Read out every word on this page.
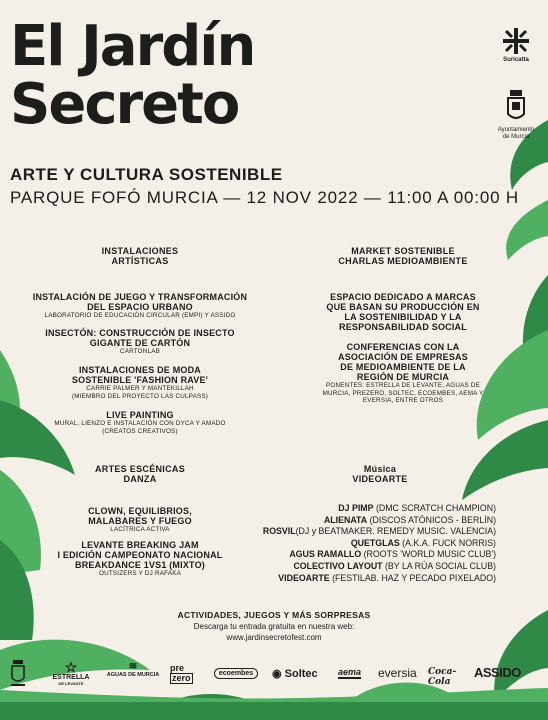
El Jardín
Secreto
ARTE Y CULTURA SOSTENIBLE
PARQUE FOFÓ MURCIA — 12 NOV 2022 — 11:00 A 00:00 H
Suricatta
Ayuntamiento
de Murcia
INSTALACIONES
ARTÍSTICAS
INSTALACIÓN DE JUEGO Y TRANSFORMACIÓN
DEL ESPACIO URBANO
LABORATORIO DE EDUCACIÓN CIRCULAR (EMPI) Y ASSIDO
INSECTÓN: CONSTRUCCIÓN DE INSECTO
GIGANTE DE CARTÓN
CARTONLAB
INSTALACIONES DE MODA
SOSTENIBLE 'FASHION RAVE'
CARRIE PALMER Y MANTEKILLAH
(MIEMBRO DEL PROYECTO LAS CULPASS)
LIVE PAINTING
MURAL, LIENZO E INSTALACIÓN CON DYCA Y AMADO
(CREATOS CREATIVOS)
MARKET SOSTENIBLE
CHARLAS MEDIOAMBIENTE
ESPACIO DEDICADO A MARCAS
QUE BASAN SU PRODUCCIÓN EN
LA SOSTENIBILIDAD Y LA
RESPONSABILIDAD SOCIAL
CONFERENCIAS CON LA
ASOCIACIÓN DE EMPRESAS
DE MEDIOAMBIENTE DE LA
REGIÓN DE MURCIA
PONENTES: ESTRELLA DE LEVANTE, AGUAS DE
MURCIA, PREZERO, SOLTEC, ECOEMBES, AEMA Y
EVERSIA, ENTRE OTROS
ARTES ESCÉNICAS
DANZA
CLOWN, EQUILIBRIOS,
MALABARES Y FUEGO
LACÍTRICA ACTIVA
LEVANTE BREAKING JAM
I EDICIÓN CAMPEONATO NACIONAL
BREAKDANCE 1VS1 (MIXTO)
OUTSIZERS Y DJ RAFAKA
Música
VIDEOARTE
DJ PIMP (DMC SCRATCH CHAMPION)
ALIENATA (DISCOS ATÓNICOS - BERLÍN)
ROSVIL(DJ y BEATMAKER. REMEDY MUSIC. VALENCIA)
QUETGLAS (A.K.A. FUCK NORRIS)
AGUS RAMALLO (ROOTS 'WORLD MUSIC CLUB')
COLECTIVO LAYOUT (BY LA RÚA SOCIAL CLUB)
VIDEOARTE (FESTILAB. HAZ Y PECADO PIXELADO)
ACTIVIDADES, JUEGOS Y MÁS SORPRESAS
Descarga tu entrada gratuita en nuestra web:
www.jardinsecretofest.com
☆
ESTRELLA
DE LEVANTE
≋
AGUAS DE MURCIA
pre
zero	ecoembes	◉ Soltec	aema	eversia	Coca-Cola
ASSIDO
